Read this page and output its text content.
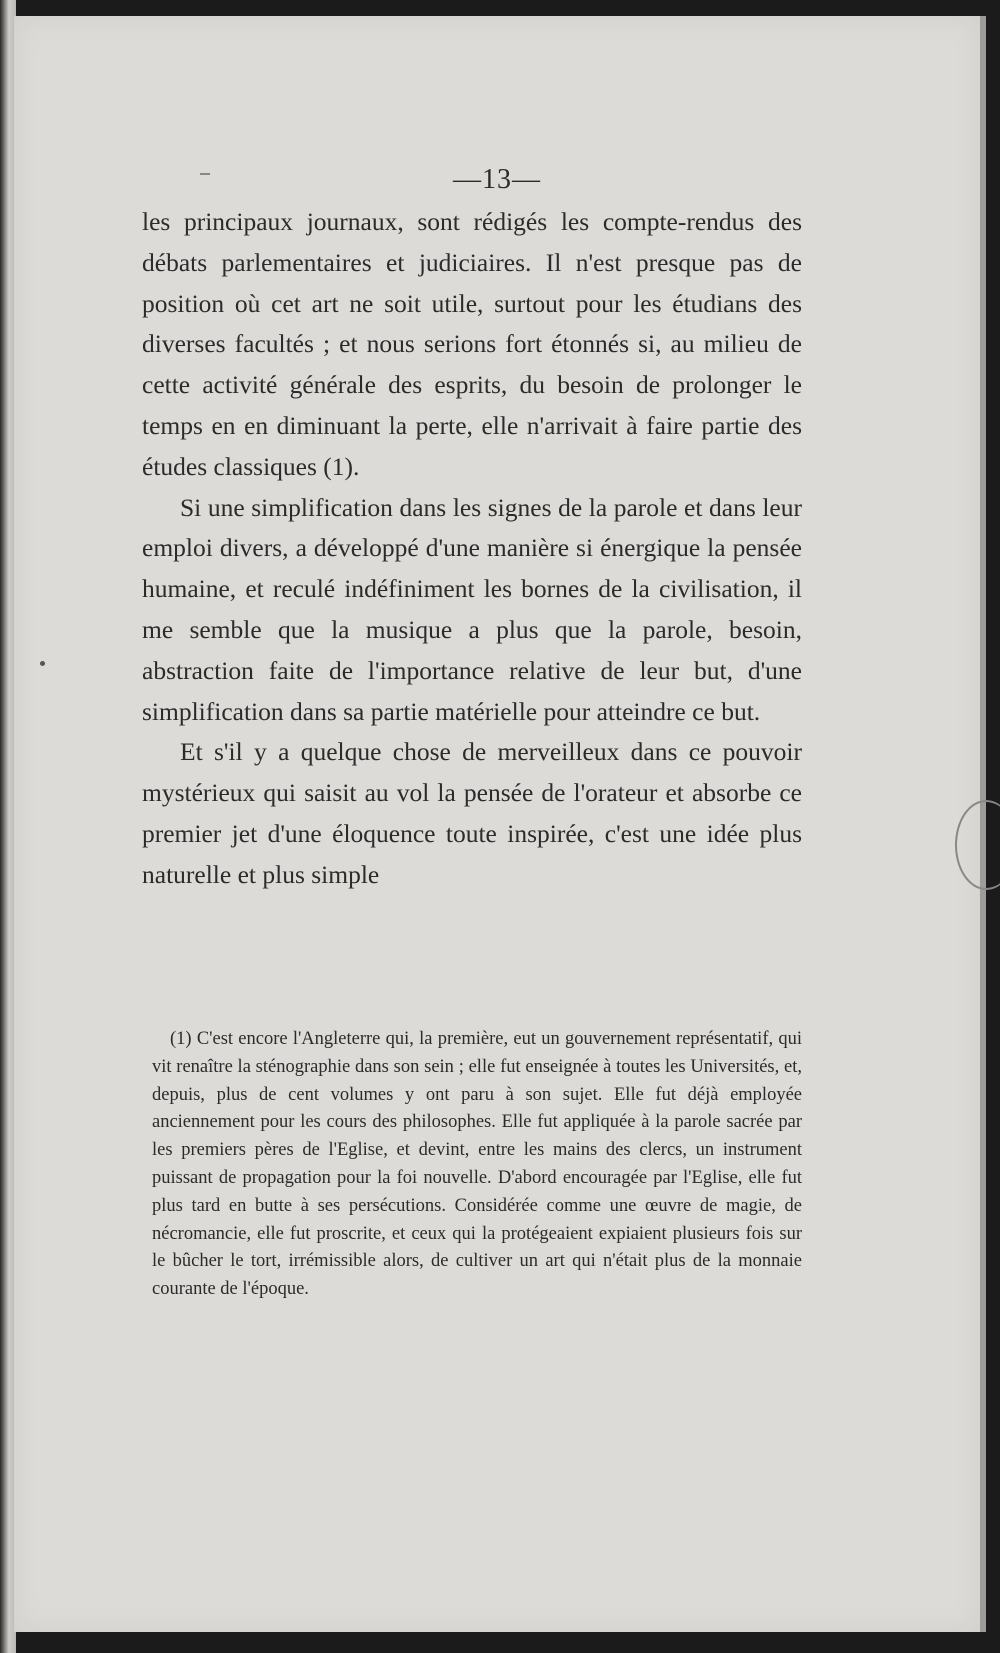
—13—

les principaux journaux, sont rédigés les compte-rendus des débats parlementaires et judiciaires. Il n'est presque pas de position où cet art ne soit utile, surtout pour les étudians des diverses facultés ; et nous serions fort étonnés si, au milieu de cette activité générale des esprits, du besoin de prolonger le temps en en diminuant la perte, elle n'arrivait à faire partie des études classiques (1).

Si une simplification dans les signes de la parole et dans leur emploi divers, a développé d'une manière si énergique la pensée humaine, et reculé indéfiniment les bornes de la civilisation, il me semble que la musique a plus que la parole, besoin, abstraction faite de l'importance relative de leur but, d'une simplification dans sa partie matérielle pour atteindre ce but.

Et s'il y a quelque chose de merveilleux dans ce pouvoir mystérieux qui saisit au vol la pensée de l'orateur et absorbe ce premier jet d'une éloquence toute inspirée, c'est une idée plus naturelle et plus simple

(1) C'est encore l'Angleterre qui, la première, eut un gouvernement représentatif, qui vit renaître la sténographie dans son sein ; elle fut enseignée à toutes les Universités, et, depuis, plus de cent volumes y ont paru à son sujet. Elle fut déjà employée anciennement pour les cours des philosophes. Elle fut appliquée à la parole sacrée par les premiers pères de l'Eglise, et devint, entre les mains des clercs, un instrument puissant de propagation pour la foi nouvelle. D'abord encouragée par l'Eglise, elle fut plus tard en butte à ses persécutions. Considérée comme une œuvre de magie, de nécromancie, elle fut proscrite, et ceux qui la protégeaient expiaient plusieurs fois sur le bûcher le tort, irrémissible alors, de cultiver un art qui n'était plus de la monnaie courante de l'époque.
